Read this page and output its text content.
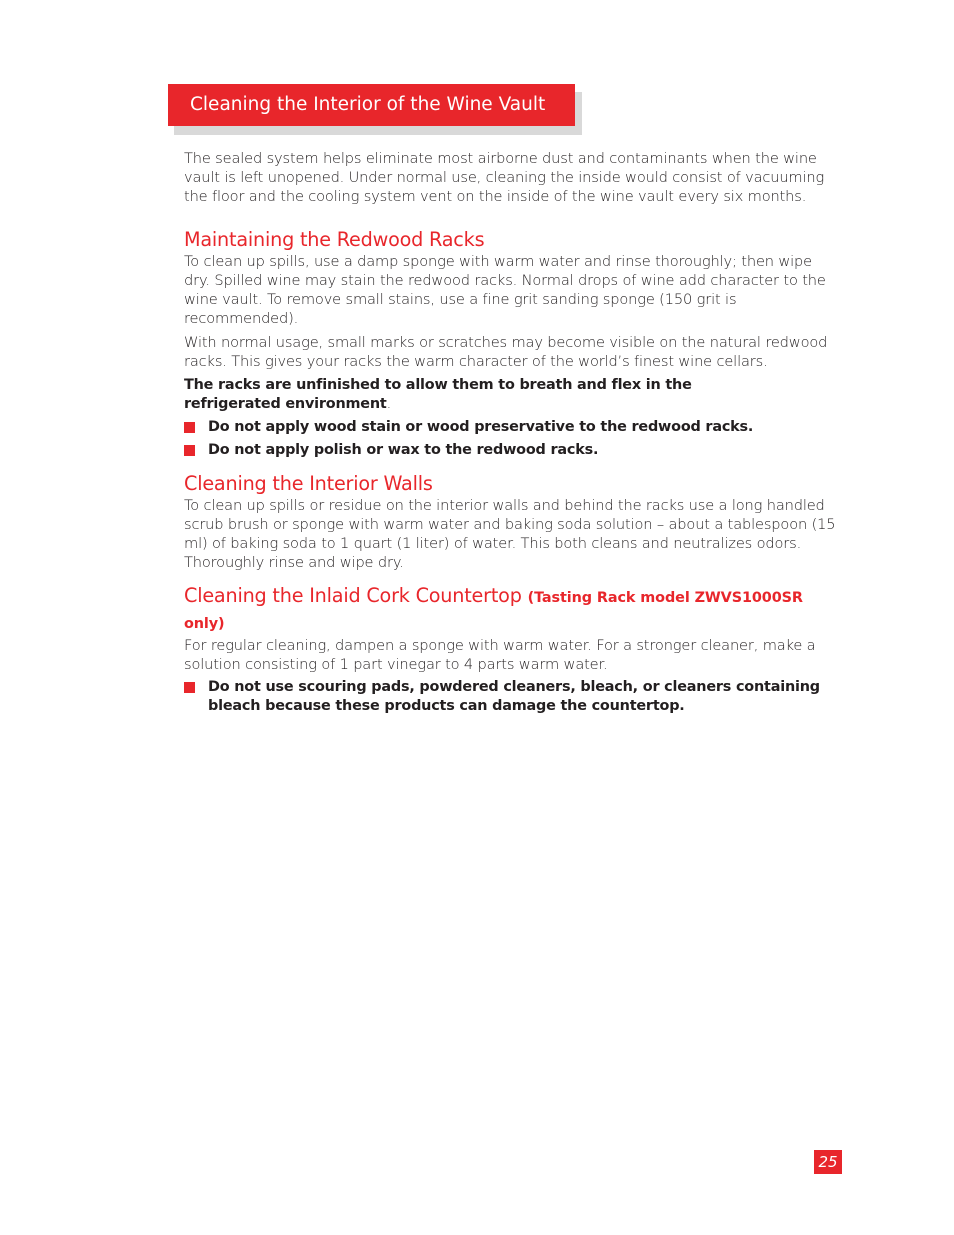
Cleaning the Interior of the Wine Vault

The sealed system helps eliminate most airborne dust and contaminants when the wine vault is left unopened. Under normal use, cleaning the inside would consist of vacuuming the floor and the cooling system vent on the inside of the wine vault every six months.

Maintaining the Redwood Racks

To clean up spills, use a damp sponge with warm water and rinse thoroughly; then wipe dry. Spilled wine may stain the redwood racks. Normal drops of wine add character to the wine vault. To remove small stains, use a fine grit sanding sponge (150 grit is recommended).

With normal usage, small marks or scratches may become visible on the natural redwood racks. This gives your racks the warm character of the world’s finest wine cellars.

The racks are unfinished to allow them to breath and flex in the
refrigerated environment.
Do not apply wood stain or wood preservative to the redwood racks.
Do not apply polish or wax to the redwood racks.
Cleaning the Interior Walls

To clean up spills or residue on the interior walls and behind the racks use a long handled scrub brush or sponge with warm water and baking soda solution – about a tablespoon (15 ml) of baking soda to 1 quart (1 liter) of water. This both cleans and neutralizes odors. Thoroughly rinse and wipe dry.

Cleaning the Inlaid Cork Countertop (Tasting Rack model ZWVS1000SR only)

For regular cleaning, dampen a sponge with warm water. For a stronger cleaner, make a solution consisting of 1 part vinegar to 4 parts warm water.

Do not use scouring pads, powdered cleaners, bleach, or cleaners containing bleach because these products can damage the countertop.
25
